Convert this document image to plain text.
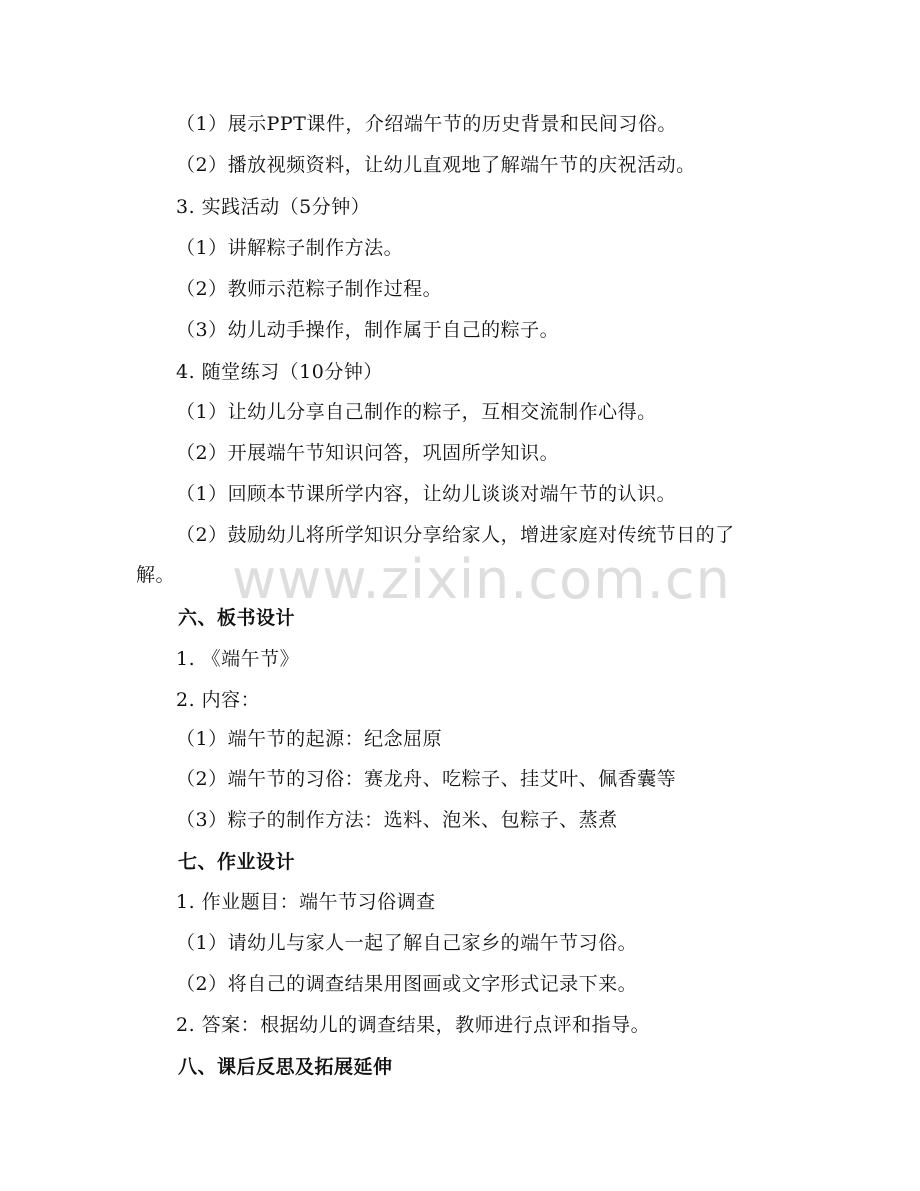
www.zixin.com.cn
（1）展示PPT课件，介绍端午节的历史背景和民间习俗。
（2）播放视频资料，让幼儿直观地了解端午节的庆祝活动。
3. 实践活动（5分钟）
（1）讲解粽子制作方法。
（2）教师示范粽子制作过程。
（3）幼儿动手操作，制作属于自己的粽子。
4. 随堂练习（10分钟）
（1）让幼儿分享自己制作的粽子，互相交流制作心得。
（2）开展端午节知识问答，巩固所学知识。
（1）回顾本节课所学内容，让幼儿谈谈对端午节的认识。
（2）鼓励幼儿将所学知识分享给家人，增进家庭对传统节日的了
解。
六、板书设计
1. 《端午节》
2. 内容：
（1）端午节的起源：纪念屈原
（2）端午节的习俗：赛龙舟、吃粽子、挂艾叶、佩香囊等
（3）粽子的制作方法：选料、泡米、包粽子、蒸煮
七、作业设计
1. 作业题目：端午节习俗调查
（1）请幼儿与家人一起了解自己家乡的端午节习俗。
（2）将自己的调查结果用图画或文字形式记录下来。
2. 答案：根据幼儿的调查结果，教师进行点评和指导。
八、课后反思及拓展延伸
